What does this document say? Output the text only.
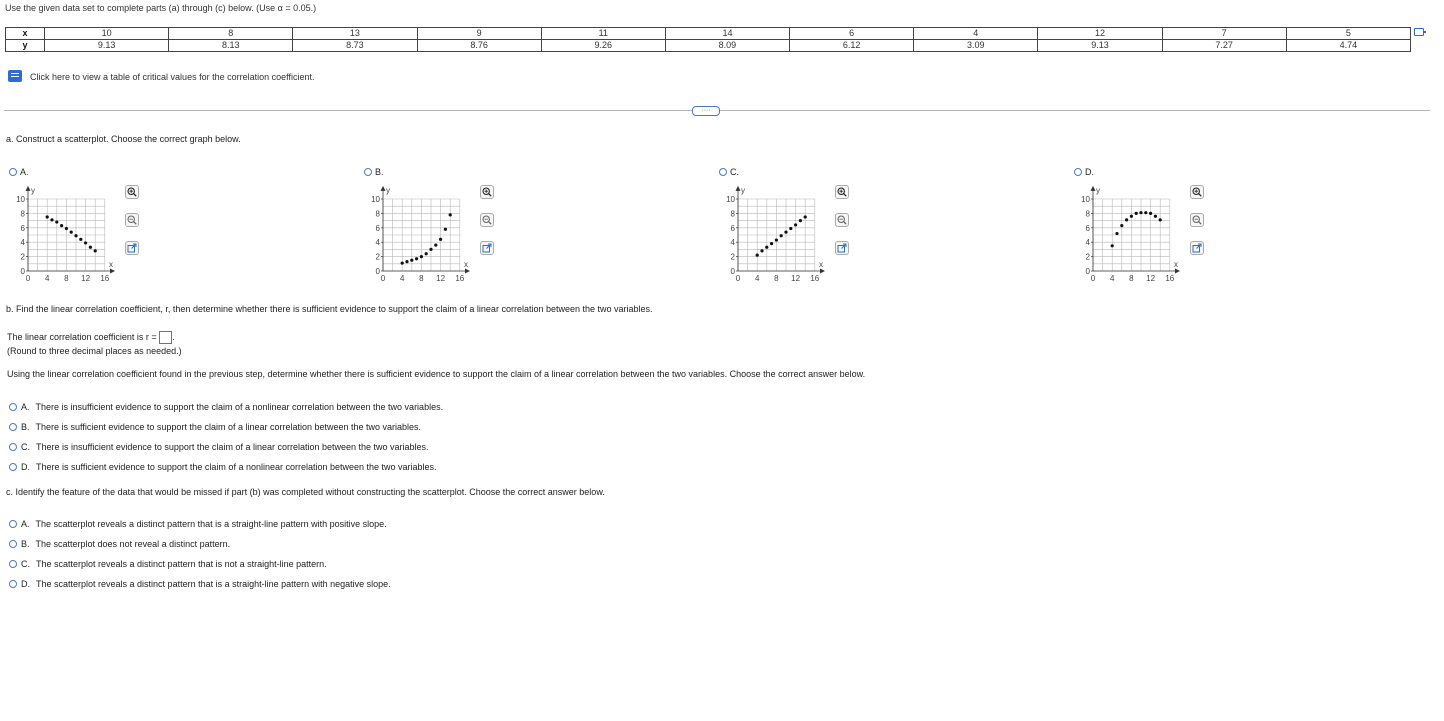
Use the given data set to complete parts (a) through (c) below. (Use α = 0.05.)
x	10	8	13	9	11	14	6	4	12	7	5
y	9.13	8.13	8.73	8.76	9.26	8.09	6.12	3.09	9.13	7.27	4.74
Click here to view a table of critical values for the correlation coefficient.
····
a. Construct a scatterplot. Choose the correct graph below.
A.
y
x
10
8
6
4
2
0
0 4 8 12 16
B.
y
x
10
8
6
4
2
0
0 4 8 12 16
C.
y
x
10
8
6
4
2
0
0 4 8 12 16
D.
y
x
10
8
6
4
2
0
0 4 8 12 16
b. Find the linear correlation coefficient, r, then determine whether there is sufficient evidence to support the claim of a linear correlation between the two variables.
The linear correlation coefficient is r = .
(Round to three decimal places as needed.)
Using the linear correlation coefficient found in the previous step, determine whether there is sufficient evidence to support the claim of a linear correlation between the two variables. Choose the correct answer below.
A. There is insufficient evidence to support the claim of a nonlinear correlation between the two variables.
B. There is sufficient evidence to support the claim of a linear correlation between the two variables.
C. There is insufficient evidence to support the claim of a linear correlation between the two variables.
D. There is sufficient evidence to support the claim of a nonlinear correlation between the two variables.
c. Identify the feature of the data that would be missed if part (b) was completed without constructing the scatterplot. Choose the correct answer below.
A. The scatterplot reveals a distinct pattern that is a straight-line pattern with positive slope.
B. The scatterplot does not reveal a distinct pattern.
C. The scatterplot reveals a distinct pattern that is not a straight-line pattern.
D. The scatterplot reveals a distinct pattern that is a straight-line pattern with negative slope.
